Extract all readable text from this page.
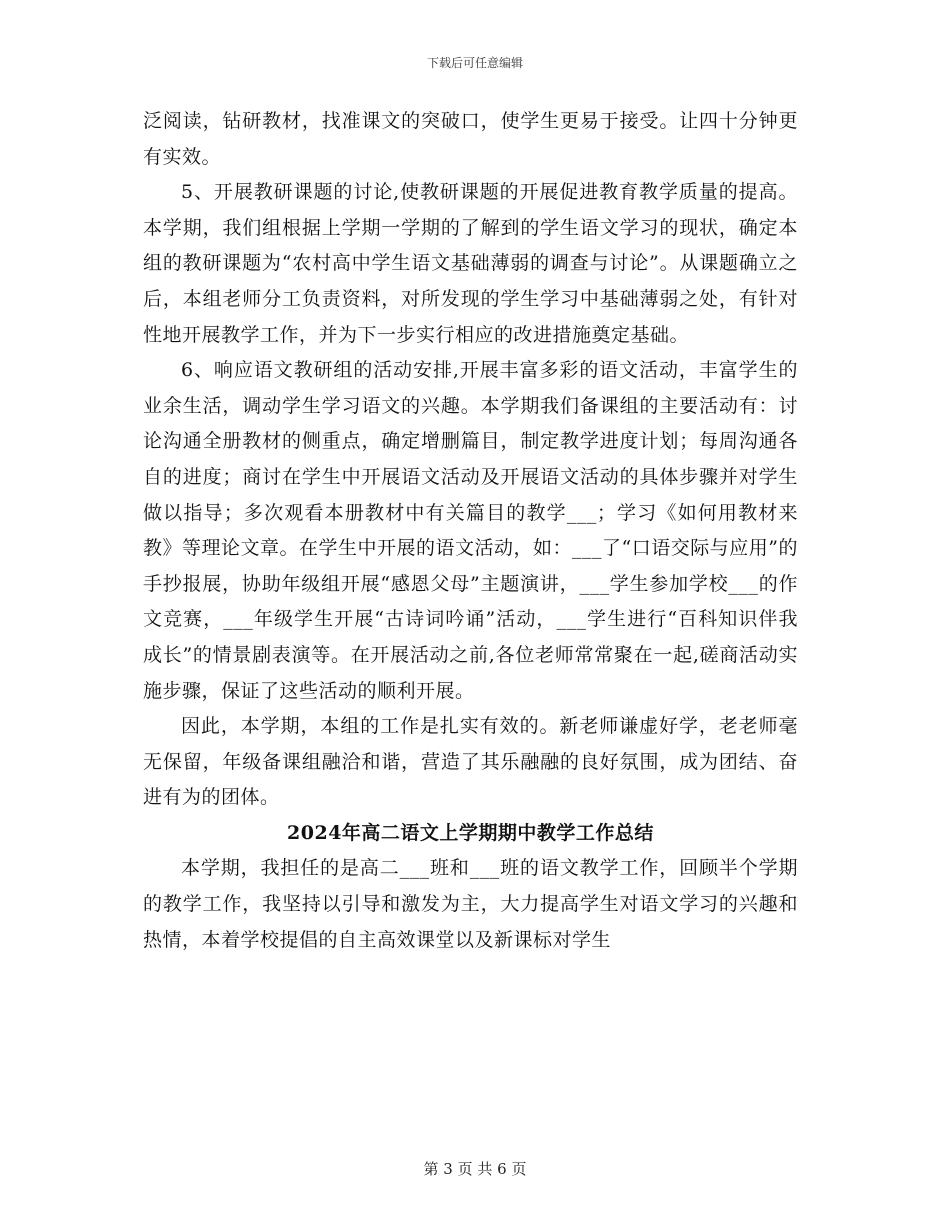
下载后可任意编辑

泛阅读，钻研教材，找准课文的突破口，使学生更易于接受。让四十分钟更有实效。

5、开展教研课题的讨论,使教研课题的开展促进教育教学质量的提高。本学期，我们组根据上学期一学期的了解到的学生语文学习的现状，确定本组的教研课题为“农村高中学生语文基础薄弱的调查与讨论”。从课题确立之后，本组老师分工负责资料，对所发现的学生学习中基础薄弱之处，有针对性地开展教学工作，并为下一步实行相应的改进措施奠定基础。

6、响应语文教研组的活动安排,开展丰富多彩的语文活动，丰富学生的业余生活，调动学生学习语文的兴趣。本学期我们备课组的主要活动有：讨论沟通全册教材的侧重点，确定增删篇目，制定教学进度计划；每周沟通各自的进度；商讨在学生中开展语文活动及开展语文活动的具体步骤并对学生做以指导；多次观看本册教材中有关篇目的教学___；学习《如何用教材来教》等理论文章。在学生中开展的语文活动，如：___了“口语交际与应用”的手抄报展，协助年级组开展“感恩父母”主题演讲，___学生参加学校___的作文竞赛，___年级学生开展“古诗词吟诵”活动，___学生进行“百科知识伴我成长”的情景剧表演等。在开展活动之前,各位老师常常聚在一起,磋商活动实施步骤，保证了这些活动的顺利开展。

因此，本学期，本组的工作是扎实有效的。新老师谦虚好学，老老师毫无保留，年级备课组融洽和谐，营造了其乐融融的良好氛围，成为团结、奋进有为的团体。

2024年高二语文上学期期中教学工作总结

本学期，我担任的是高二___班和___班的语文教学工作，回顾半个学期的教学工作，我坚持以引导和激发为主，大力提高学生对语文学习的兴趣和热情，本着学校提倡的自主高效课堂以及新课标对学生

第 3 页 共 6 页
